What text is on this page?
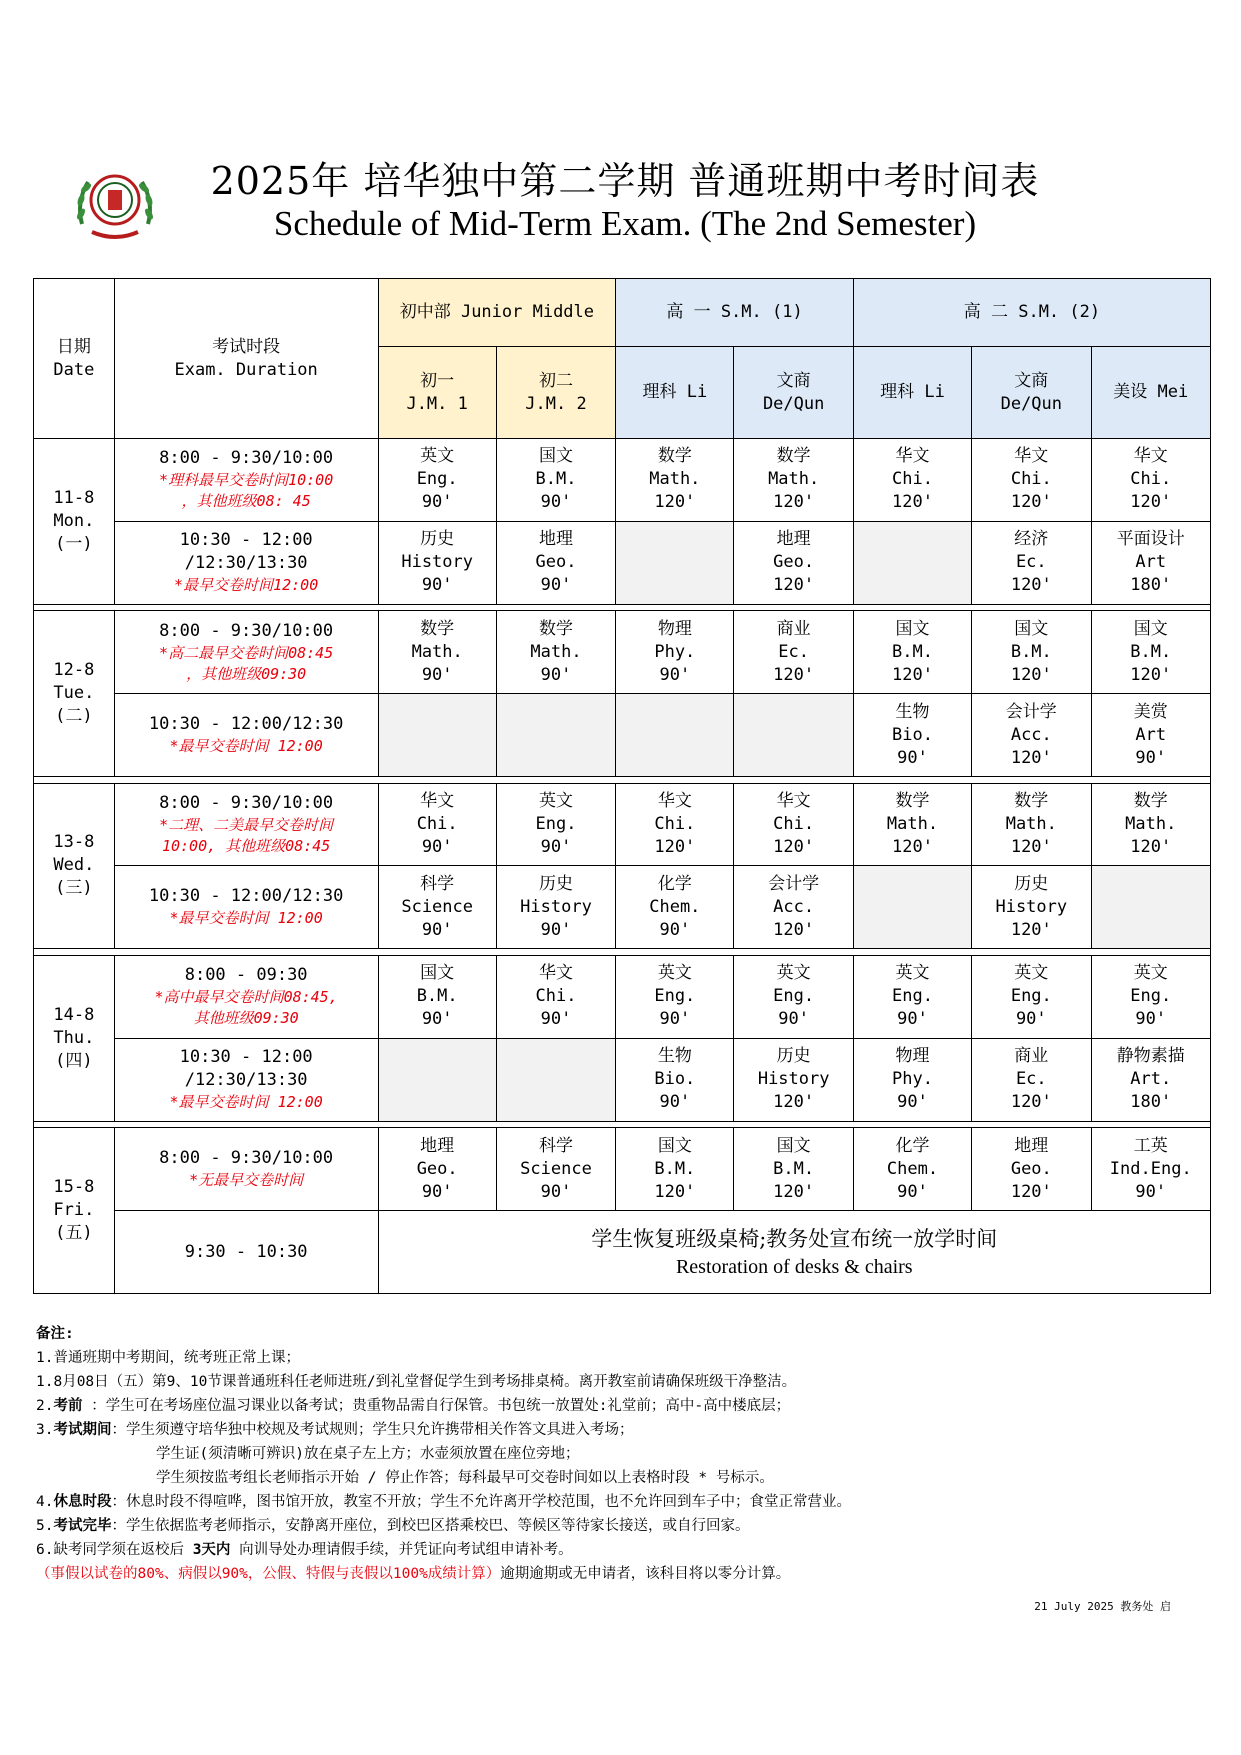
2025年 培华独中第二学期 普通班期中考时间表
Schedule of Mid-Term Exam. (The 2nd Semester)
日期
Date	考试时段
Exam. Duration	初中部 Junior Middle		高 一 S.M. (1)		高 二 S.M. (2)		

		初一
J.M. 1	初二
J.M. 2	理科 Li	文商
De/Qun	理科 Li	文商
De/Qun	美设 Mei

11-8
Mon.
(一)	8:00 - 9:30/10:00
*理科最早交卷时间10:00
，其他班级08: 45	英文
Eng.
90'	国文
B.M.
90'	数学
Math.
120'	数学
Math.
120'	华文
Chi.
120'	华文
Chi.
120'	华文
Chi.
120'

	10:30 - 12:00
/12:30/13:30
*最早交卷时间12:00	历史
History
90'	地理
Geo.
90'		地理
Geo.
120'		经济
Ec.
120'	平面设计
Art
180'

12-8
Tue.
(二)	8:00 - 9:30/10:00
*高二最早交卷时间08:45
，其他班级09:30	数学
Math.
90'	数学
Math.
90'	物理
Phy.
90'	商业
Ec.
120'	国文
B.M.
120'	国文
B.M.
120'	国文
B.M.
120'

	10:30 - 12:00/12:30
*最早交卷时间 12:00					生物
Bio.
90'	会计学
Acc.
120'	美赏
Art
90'

13-8
Wed.
(三)	8:00 - 9:30/10:00
*二理、二美最早交卷时间
10:00, 其他班级08:45	华文
Chi.
90'	英文
Eng.
90'	华文
Chi.
120'	华文
Chi.
120'	数学
Math.
120'	数学
Math.
120'	数学
Math.
120'

	10:30 - 12:00/12:30
*最早交卷时间 12:00	科学
Science
90'	历史
History
90'	化学
Chem.
90'	会计学
Acc.
120'		历史
History
120'	

14-8
Thu.
(四)	8:00 - 09:30
*高中最早交卷时间08:45,
其他班级09:30	国文
B.M.
90'	华文
Chi.
90'	英文
Eng.
90'	英文
Eng.
90'	英文
Eng.
90'	英文
Eng.
90'	英文
Eng.
90'

	10:30 - 12:00
/12:30/13:30
*最早交卷时间 12:00			生物
Bio.
90'	历史
History
120'	物理
Phy.
90'	商业
Ec.
120'	静物素描
Art.
180'

15-8
Fri.
(五)	8:00 - 9:30/10:00
*无最早交卷时间	地理
Geo.
90'	科学
Science
90'	国文
B.M.
120'	国文
B.M.
120'	化学
Chem.
90'	地理
Geo.
120'	工英
Ind.Eng.
90'

	9:30 - 10:30	学生恢复班级桌椅;教务处宣布统一放学时间
Restoration of desks & chairs						
备注:
1.普通班期中考期间，统考班正常上课；
1.8月08日（五）第9、10节课普通班科任老师进班/到礼堂督促学生到考场排桌椅。离开教室前请确保班级干净整洁。
2.考前 ：学生可在考场座位温习课业以备考试；贵重物品需自行保管。书包统一放置处:礼堂前；高中-高中楼底层；
3.考试期间：学生须遵守培华独中校规及考试规则；学生只允许携带相关作答文具进入考场；
学生证(须清晰可辨识)放在桌子左上方；水壶须放置在座位旁地；
学生须按监考组长老师指示开始 / 停止作答；每科最早可交卷时间如以上表格时段 * 号标示。
4.休息时段：休息时段不得喧哗，图书馆开放，教室不开放；学生不允许离开学校范围，也不允许回到车子中；食堂正常营业。
5.考试完毕：学生依据监考老师指示，安静离开座位，到校巴区搭乘校巴、等候区等待家长接送，或自行回家。
6.缺考同学须在返校后 3天内 向训导处办理请假手续，并凭证向考试组申请补考。
（事假以试卷的80%、病假以90%，公假、特假与丧假以100%成绩计算）逾期逾期或无申请者，该科目将以零分计算。
21 July 2025 教务处 启
